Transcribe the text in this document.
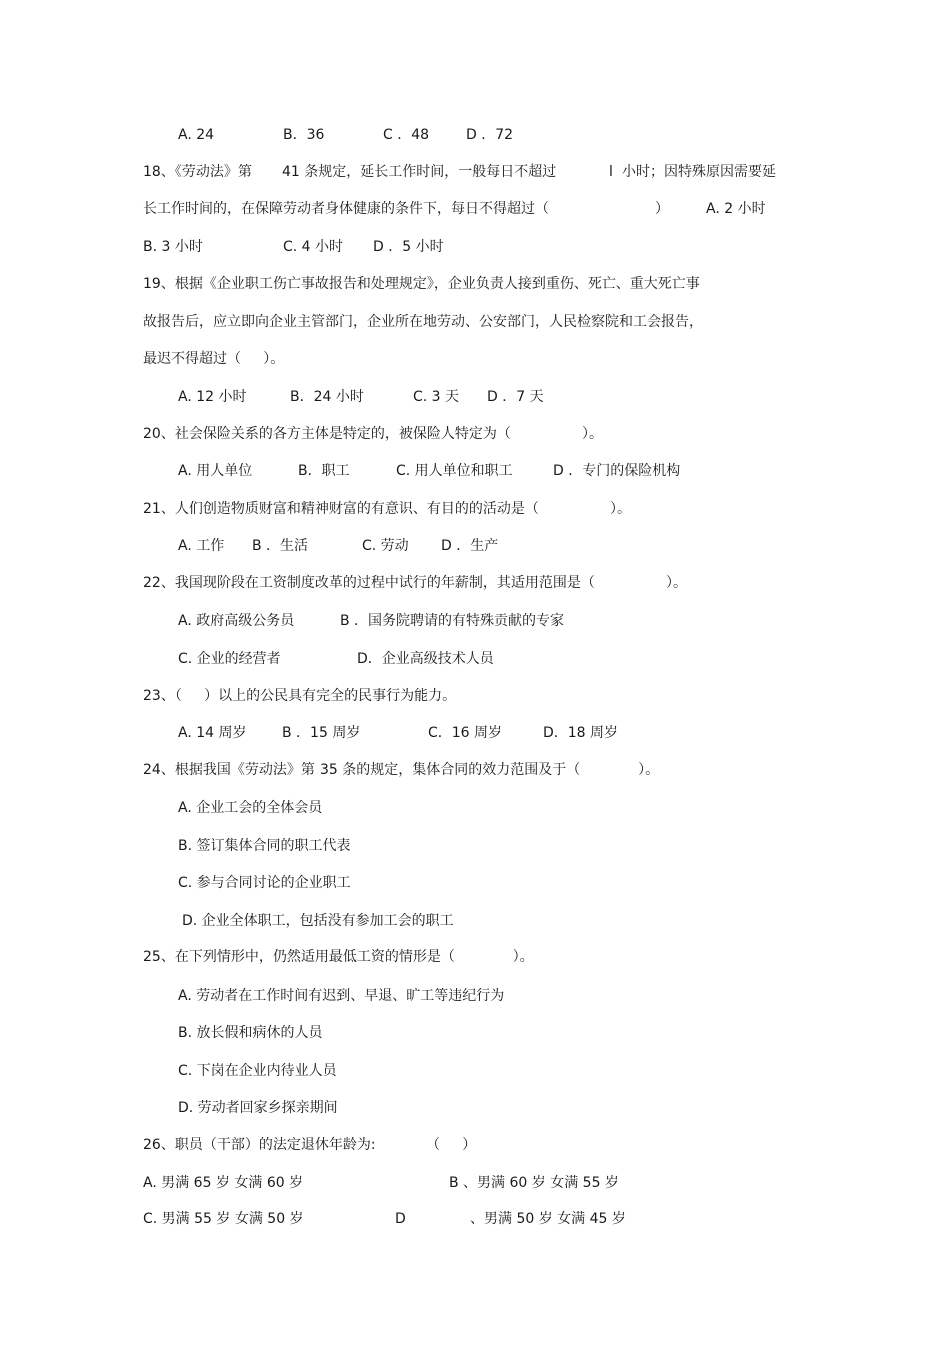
A. 24	B．36	C ．48	D ．72
18、《劳动法》第 41 条规定，延长工作时间，一般每日不超过	l 小时；因特殊原因需要延
长工作时间的，在保障劳动者身体健康的条件下，每日不得超过（	）	A. 2 小时
B. 3 小时	C. 4 小时 D ．5 小时
19、根据《企业职工伤亡事故报告和处理规定》，企业负责人接到重伤、死亡、重大死亡事
故报告后，应立即向企业主管部门，企业所在地劳动、公安部门，人民检察院和工会报告，
最迟不得超过（     ）。
A. 12 小时	B．24 小时	C. 3 天 D ．7 天
20、社会保险关系的各方主体是特定的，被保险人特定为（                ）。
A. 用人单位	B．职工	C. 用人单位和职工	D ．专门的保险机构
21、人们创造物质财富和精神财富的有意识、有目的的活动是（                ）。
A. 工作 B ．生活	C. 劳动 D ．生产
22、我国现阶段在工资制度改革的过程中试行的年薪制，其适用范围是（                ）。
A. 政府高级公务员	B ．国务院聘请的有特殊贡献的专家
C. 企业的经营者	D．企业高级技术人员
23、（     ）以上的公民具有完全的民事行为能力。
A. 14 周岁	B ．15 周岁	C．16 周岁	D．18 周岁
24、根据我国《劳动法》第 35 条的规定，集体合同的效力范围及于（             ）。
A. 企业工会的全体会员
B. 签订集体合同的职工代表
C. 参与合同讨论的企业职工
D. 企业全体职工，包括没有参加工会的职工
25、在下列情形中，仍然适用最低工资的情形是（             ）。
A. 劳动者在工作时间有迟到、早退、旷工等违纪行为
B. 放长假和病休的人员
C. 下岗在企业内待业人员
D. 劳动者回家乡探亲期间
26、职员（干部）的法定退休年龄为:	（     ）
A. 男满 65 岁 女满 60 岁	B 、男满 60 岁 女满 55 岁
C. 男满 55 岁 女满 50 岁	D	、男满 50 岁 女满 45 岁
